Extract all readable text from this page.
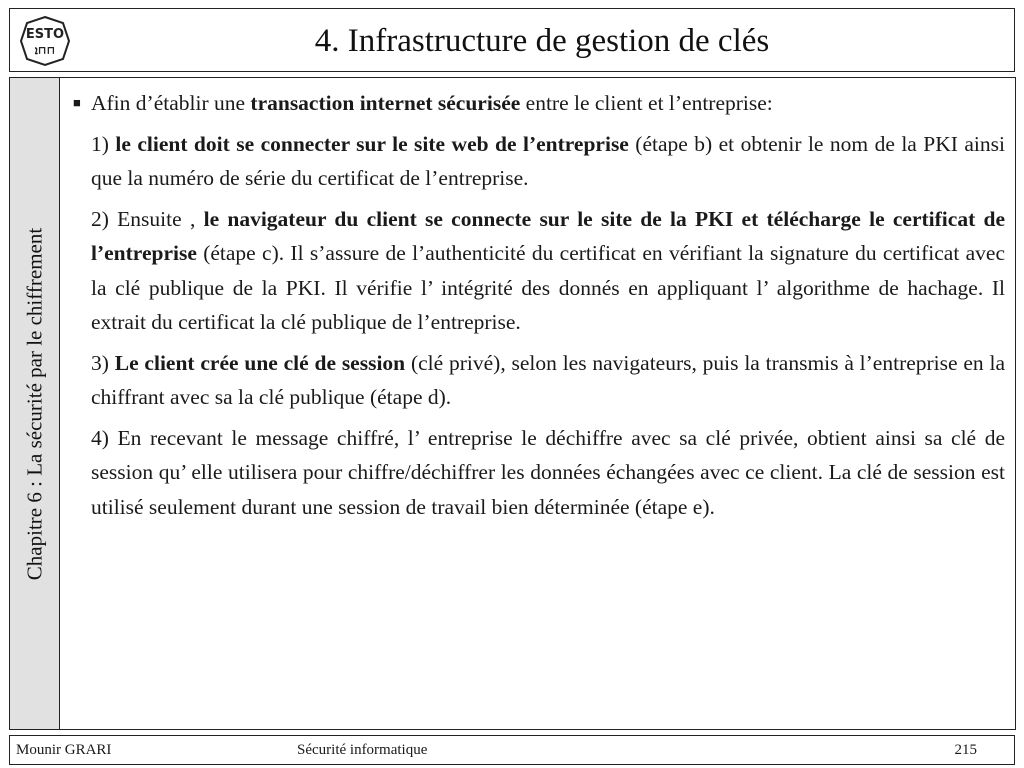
ESTO
ܐ⊓⊓	4. Infrastructure de gestion de clés
Chapitre 6 : La sécurité par le chiffrement

■ Afin d’établir une transaction internet sécurisée entre le client et l’entreprise:

1) le client doit se connecter sur le site web de l’entreprise (étape b) et obtenir le nom de la PKI ainsi que la numéro de série du certificat de l’entreprise.

2) Ensuite , le navigateur du client se connecte sur le site de la PKI et télécharge le certificat de l’entreprise (étape c). Il s’assure de l’authenticité du certificat en vérifiant la signature du certificat avec la clé publique de la PKI. Il vérifie l’ intégrité des donnés en appliquant l’ algorithme de hachage. Il extrait du certificat la clé publique de l’entreprise.

3) Le client crée une clé de session (clé privé), selon les navigateurs, puis la transmis à l’entreprise en la chiffrant avec sa la clé publique (étape d).

4) En recevant le message chiffré, l’ entreprise le déchiffre avec sa clé privée, obtient ainsi sa clé de session qu’ elle utilisera pour chiffre/déchiffrer les données échangées avec ce client. La clé de session est utilisé seulement durant une session de travail bien déterminée (étape e).

Mounir GRARI	Sécurité informatique	215
